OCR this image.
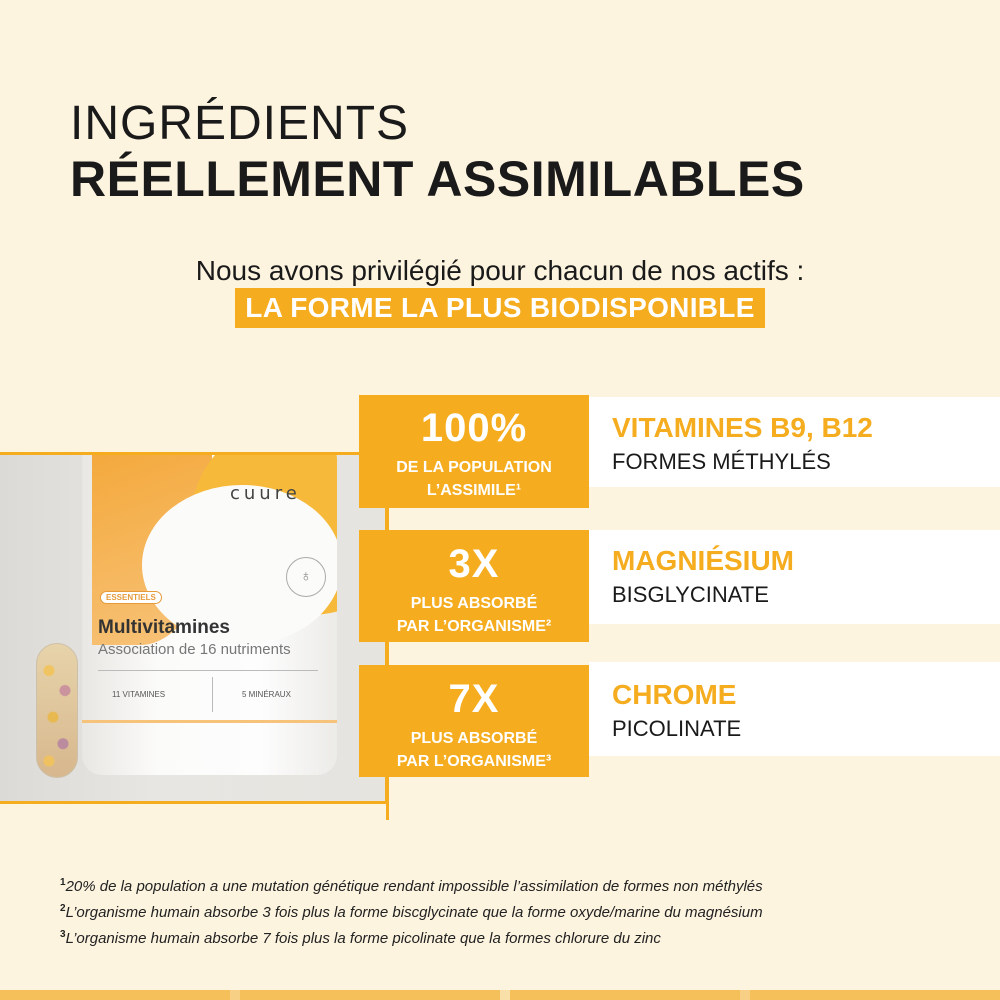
INGRÉDIENTS
RÉELLEMENT ASSIMILABLES
Nous avons privilégié pour chacun de nos actifs :
LA FORME LA PLUS BIODISPONIBLE
cuure
♁
ESSENTIELS
Multivitamines
Association de 16 nutriments
11 VITAMINES	5 MINÉRAUX
100%
DE LA POPULATION
L’ASSIMILE¹
3X
PLUS ABSORBÉ
PAR L’ORGANISME²
7X
PLUS ABSORBÉ
PAR L’ORGANISME³
VITAMINES B9, B12
FORMES MÉTHYLÉS
MAGNIÉSIUM
BISGLYCINATE
CHROME
PICOLINATE
$^1$20% de la population a une mutation génétique rendant impossible l’assimilation de formes non méthylés
$^2$L’organisme humain absorbe 3 fois plus la forme biscglycinate que la forme oxyde/marine du magnésium
$^3$L’organisme humain absorbe 7 fois plus la forme picolinate que la formes chlorure du zinc
